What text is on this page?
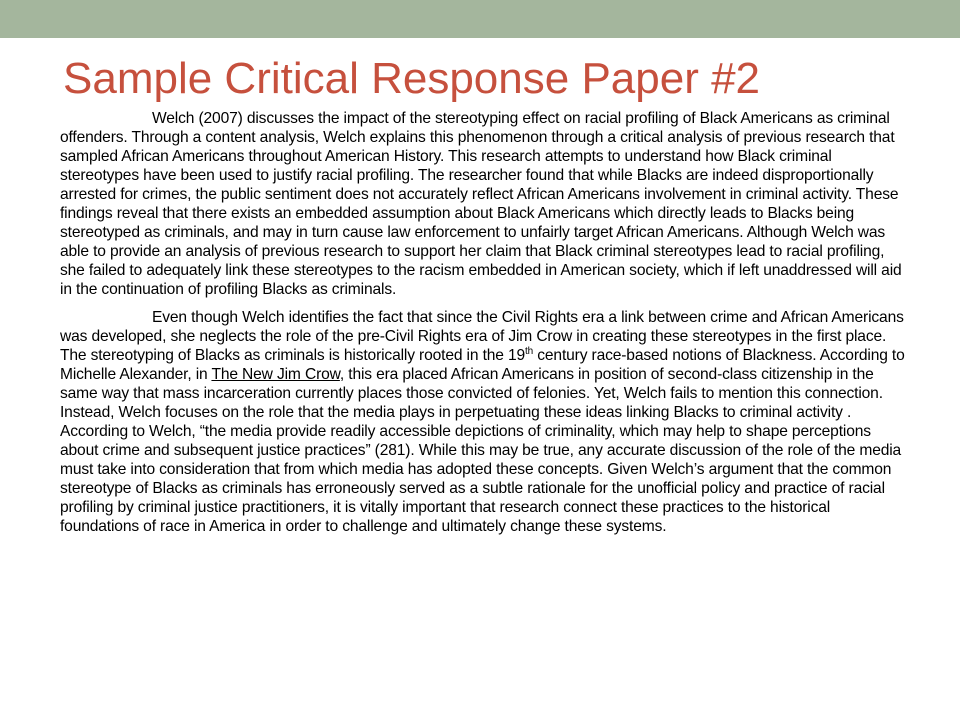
Sample Critical Response Paper #2

Welch (2007) discusses the impact of the stereotyping effect on racial profiling of Black Americans as criminal offenders. Through a content analysis, Welch explains this phenomenon through a critical analysis of previous research that sampled African Americans throughout American History. This research attempts to understand how Black criminal stereotypes have been used to justify racial profiling. The researcher found that while Blacks are indeed disproportionally arrested for crimes, the public sentiment does not accurately reflect African Americans involvement in criminal activity. These findings reveal that there exists an embedded assumption about Black Americans which directly leads to Blacks being stereotyped as criminals, and may in turn cause law enforcement to unfairly target African Americans. Although Welch was able to provide an analysis of previous research to support her claim that Black criminal stereotypes lead to racial profiling, she failed to adequately link these stereotypes to the racism embedded in American society, which if left unaddressed will aid in the continuation of profiling Blacks as criminals.

Even though Welch identifies the fact that since the Civil Rights era a link between crime and African Americans was developed, she neglects the role of the pre-Civil Rights era of Jim Crow in creating these stereotypes in the first place. The stereotyping of Blacks as criminals is historically rooted in the 19th century race-based notions of Blackness. According to Michelle Alexander, in The New Jim Crow, this era placed African Americans in position of second-class citizenship in the same way that mass incarceration currently places those convicted of felonies. Yet, Welch fails to mention this connection. Instead, Welch focuses on the role that the media plays in perpetuating these ideas linking Blacks to criminal activity . According to Welch, “the media provide readily accessible depictions of criminality, which may help to shape perceptions about crime and subsequent justice practices” (281). While this may be true, any accurate discussion of the role of the media must take into consideration that from which media has adopted these concepts. Given Welch’s argument that the common stereotype of Blacks as criminals has erroneously served as a subtle rationale for the unofficial policy and practice of racial profiling by criminal justice practitioners, it is vitally important that research connect these practices to the historical foundations of race in America in order to challenge and ultimately change these systems.
